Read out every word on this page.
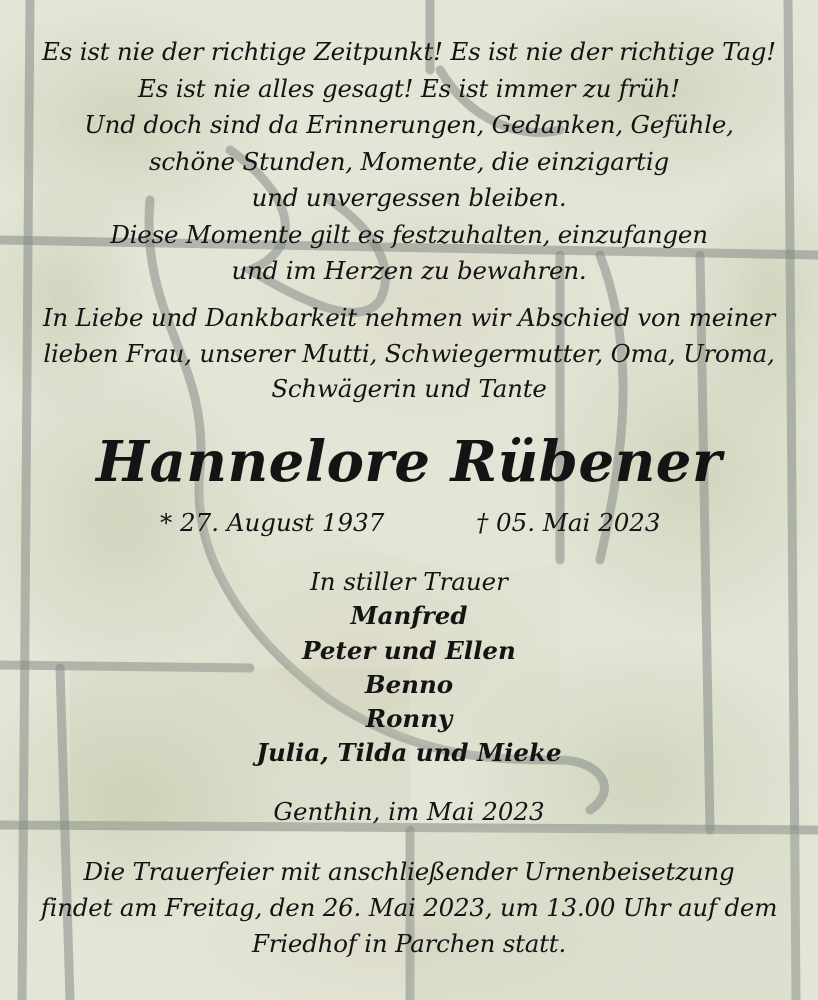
Es ist nie der richtige Zeitpunkt! Es ist nie der richtige Tag!
Es ist nie alles gesagt! Es ist immer zu früh!
Und doch sind da Erinnerungen, Gedanken, Gefühle,
schöne Stunden, Momente, die einzigartig
und unvergessen bleiben.
Diese Momente gilt es festzuhalten, einzufangen
und im Herzen zu bewahren.
In Liebe und Dankbarkeit nehmen wir Abschied von meiner
lieben Frau, unserer Mutti, Schwiegermutter, Oma, Uroma,
Schwägerin und Tante
Hannelore Rübener
* 27. August 1937	† 05. Mai 2023
In stiller Trauer
Manfred
Peter und Ellen
Benno
Ronny
Julia, Tilda und Mieke
Genthin, im Mai 2023
Die Trauerfeier mit anschließender Urnenbeisetzung
findet am Freitag, den 26. Mai 2023, um 13.00 Uhr auf dem
Friedhof in Parchen statt.
